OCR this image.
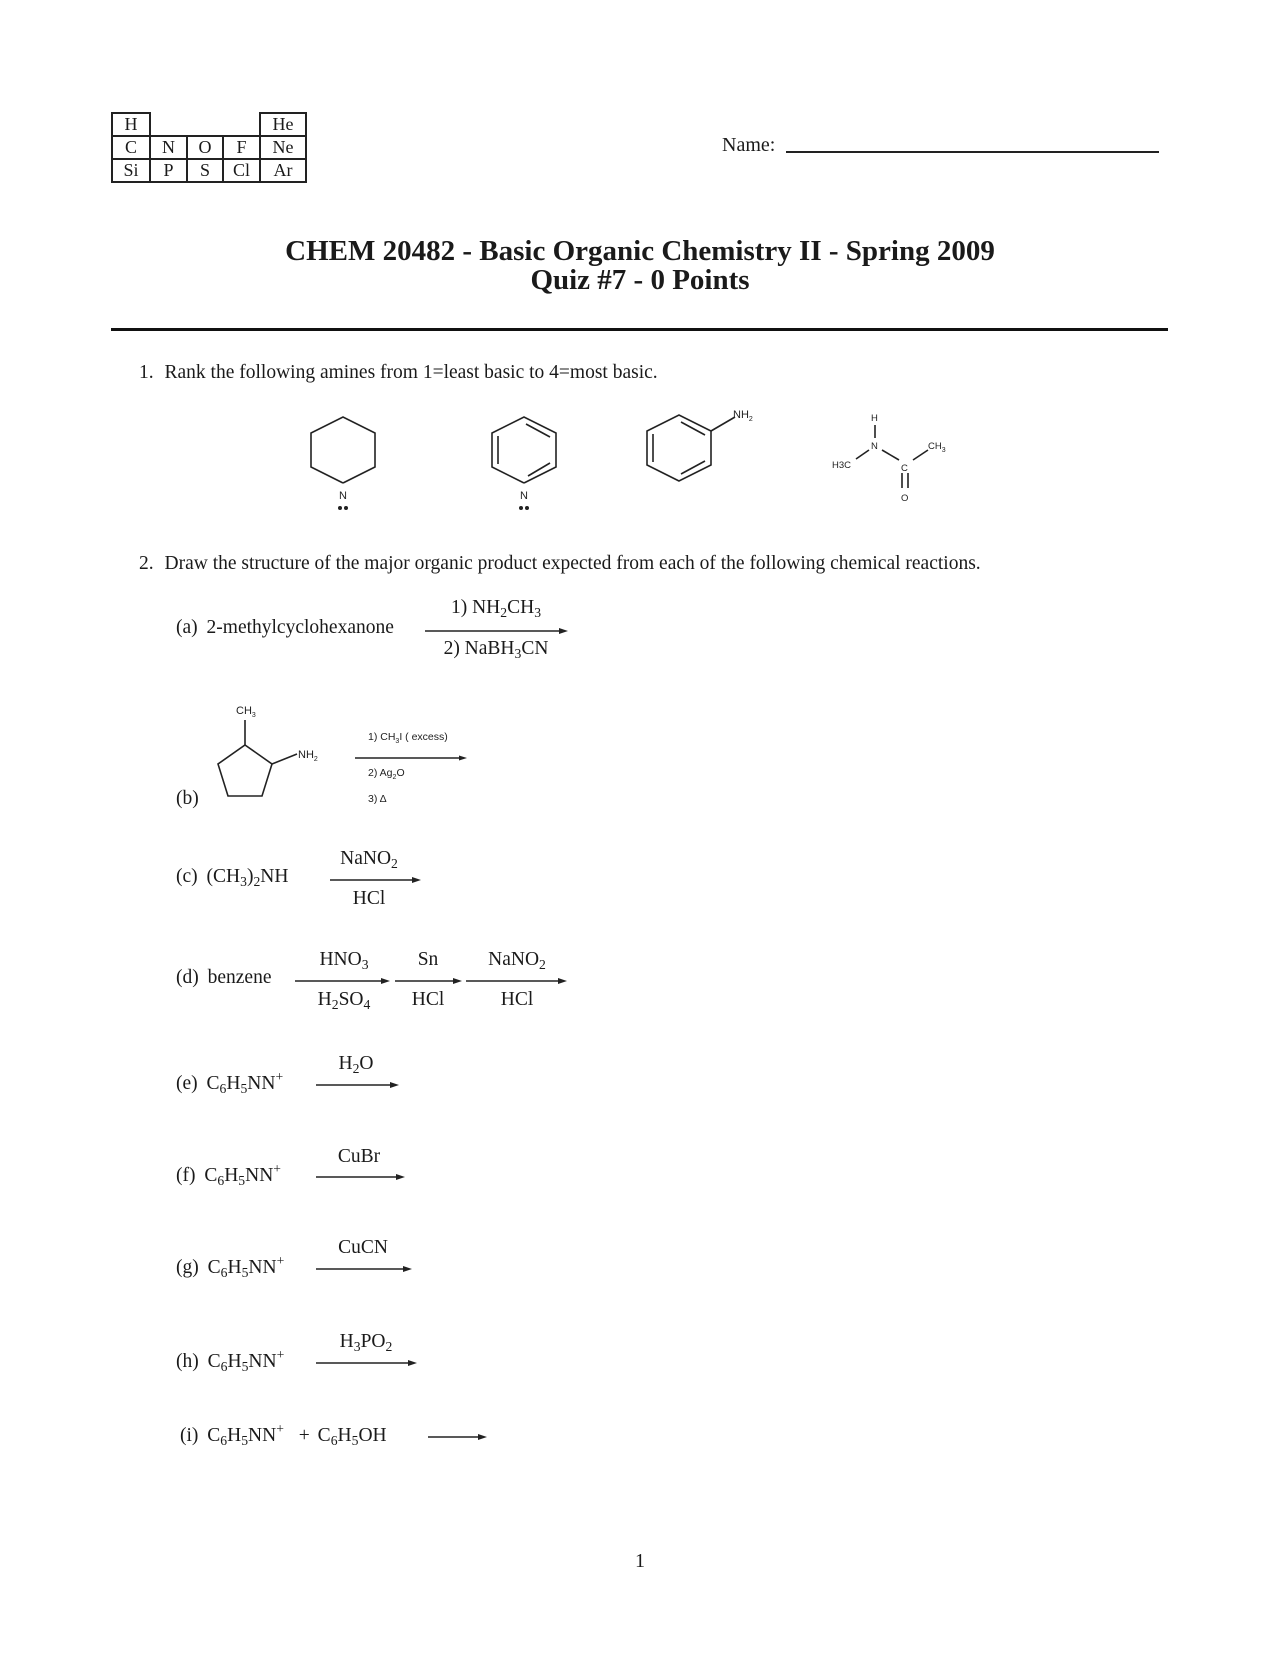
H				He
C	N	O	F	Ne
Si	P	S	Cl	Ar
Name:
CHEM 20482 - Basic Organic Chemistry II - Spring 2009
Quiz #7 - 0 Points
1. Rank the following amines from 1=least basic to 4=most basic.
N	N
$NH_2$	H
N
H3C
$CH_3$
C
O
2. Draw the structure of the major organic product expected from each of the following chemical reactions.
(a) 2-methylcyclohexanone
1) $NH_2CH_3$
2) NaBH$_3$CN
(b)
$CH_3$
$NH_2$
1) $CH_3I$ ( excess)
2) $Ag_2O$
3) Δ
(c) $(CH_3)_2NH$
NaNO$_2$
HCl
(d) benzene
$HNO_3$
$H_2SO_4$
Sn
HCl
NaNO$_2$
HCl
(e) $C_6H_5NN^+$
$H_2O$
(f) $C_6H_5NN^+$
CuBr
(g) $C_6H_5NN^+$
CuCN
(h) $C_6H_5NN^+$
$H_3PO_2$
(i) $C_6H_5NN^+ + C_6H_5OH$
1
